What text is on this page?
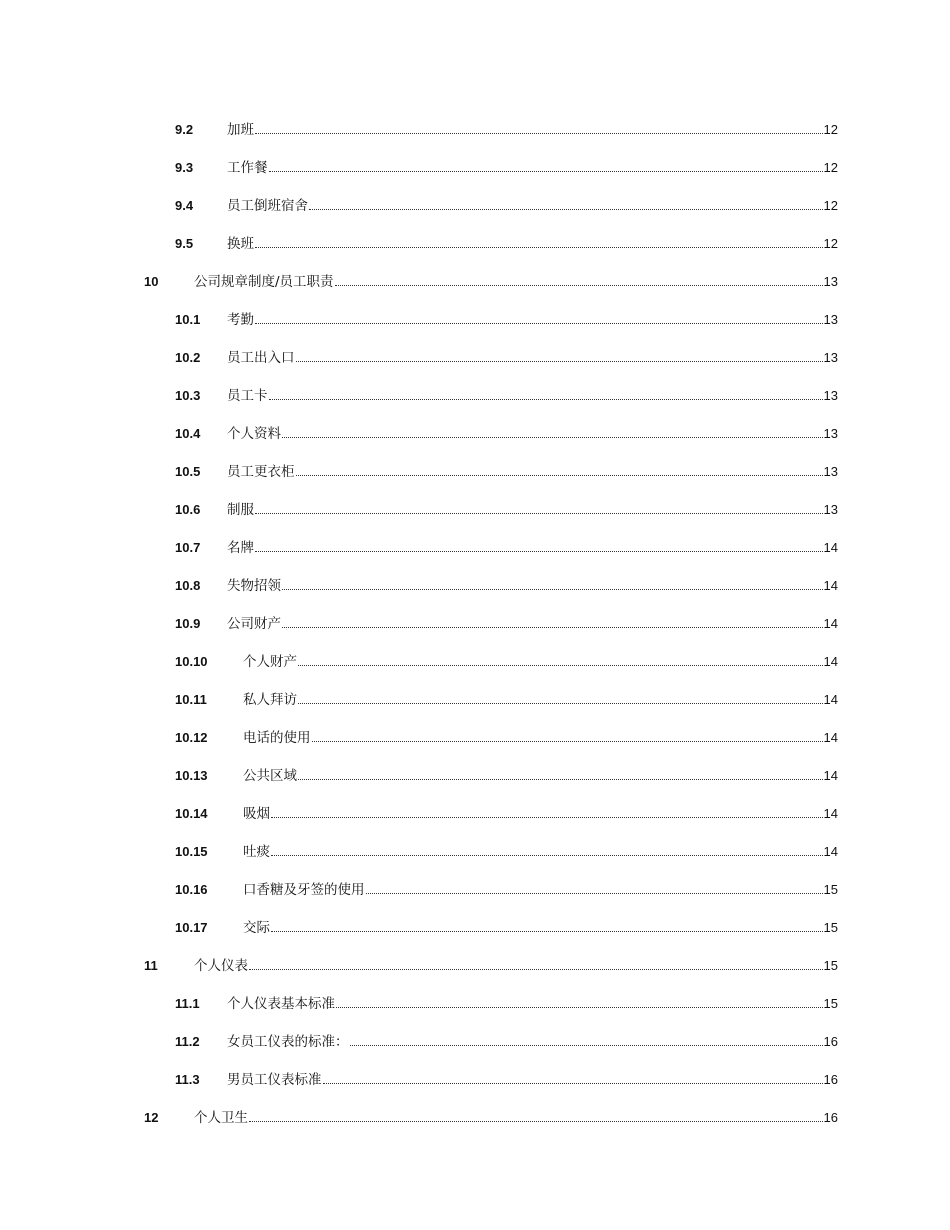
9.2	加班	12
9.3	工作餐	12
9.4	员工倒班宿舍	12
9.5	换班	12
10	公司规章制度/员工职责	13
10.1 考勤	13
10.2 员工出入口	13
10.3 员工卡	13
10.4 个人资料	13
10.5 员工更衣柜	13
10.6 制服	13
10.7 名牌	14
10.8 失物招领	14
10.9 公司财产	14
10.10	个人财产	14
10.11	私人拜访	14
10.12	电话的使用	14
10.13	公共区域	14
10.14	吸烟	14
10.15	吐痰	14
10.16	口香糖及牙签的使用	15
10.17	交际	15
11	个人仪表	15
11.1 个人仪表基本标准	15
11.2 女员工仪表的标准：	16
11.3 男员工仪表标准	16
12	个人卫生	16
